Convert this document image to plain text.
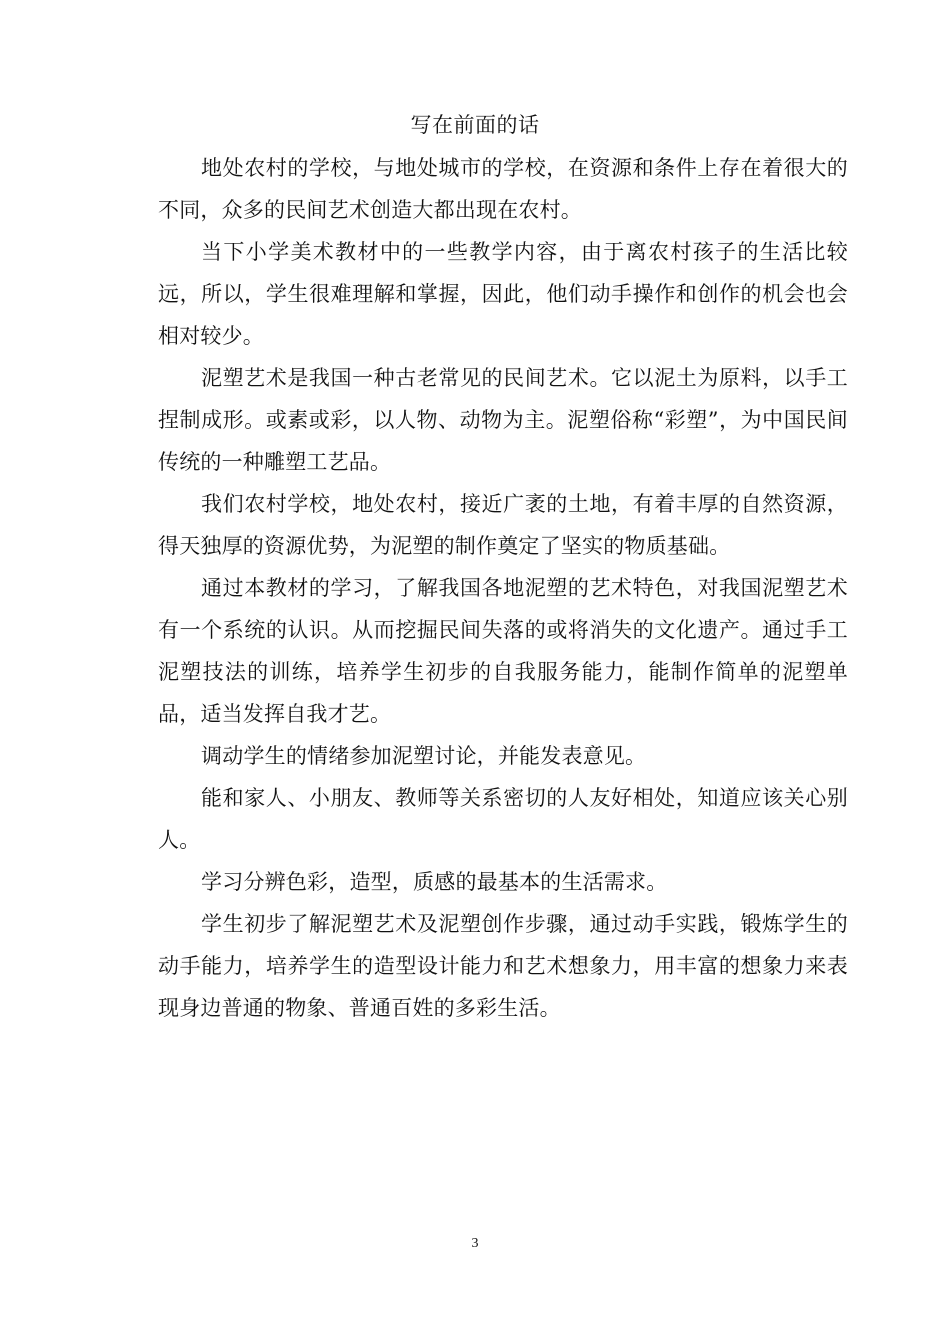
写在前面的话

地处农村的学校，与地处城市的学校，在资源和条件上存在着很大的不同，众多的民间艺术创造大都出现在农村。

当下小学美术教材中的一些教学内容，由于离农村孩子的生活比较远，所以，学生很难理解和掌握，因此，他们动手操作和创作的机会也会相对较少。

泥塑艺术是我国一种古老常见的民间艺术。它以泥土为原料，以手工捏制成形。或素或彩，以人物、动物为主。泥塑俗称“彩塑”，为中国民间传统的一种雕塑工艺品。

我们农村学校，地处农村，接近广袤的土地，有着丰厚的自然资源，得天独厚的资源优势，为泥塑的制作奠定了坚实的物质基础。

通过本教材的学习，了解我国各地泥塑的艺术特色，对我国泥塑艺术有一个系统的认识。从而挖掘民间失落的或将消失的文化遗产。通过手工泥塑技法的训练，培养学生初步的自我服务能力，能制作简单的泥塑单品，适当发挥自我才艺。

调动学生的情绪参加泥塑讨论，并能发表意见。

能和家人、小朋友、教师等关系密切的人友好相处，知道应该关心别人。

学习分辨色彩，造型，质感的最基本的生活需求。

学生初步了解泥塑艺术及泥塑创作步骤，通过动手实践，锻炼学生的动手能力，培养学生的造型设计能力和艺术想象力，用丰富的想象力来表现身边普通的物象、普通百姓的多彩生活。

3
